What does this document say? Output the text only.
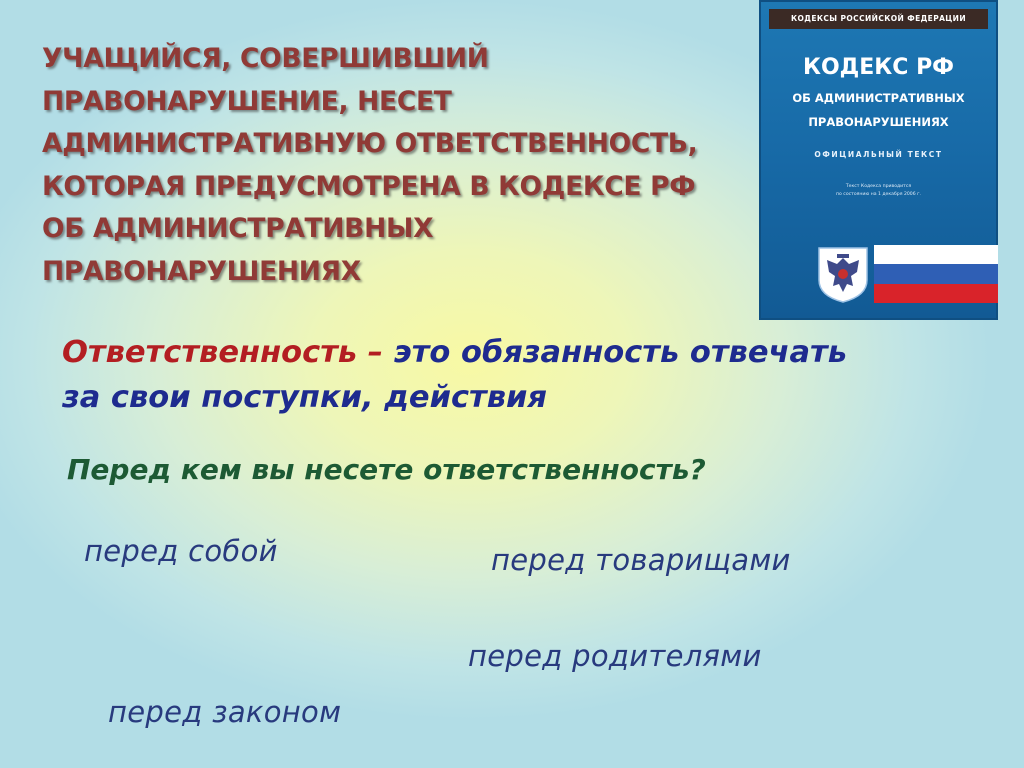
УЧАЩИЙСЯ, СОВЕРШИВШИЙ ПРАВОНАРУШЕНИЕ, НЕСЕТ АДМИНИСТРАТИВНУЮ ОТВЕТСТВЕННОСТЬ, КОТОРАЯ ПРЕДУСМОТРЕНА В КОДЕКСЕ РФ ОБ АДМИНИСТРАТИВНЫХ ПРАВОНАРУШЕНИЯХ

КОДЕКСЫ РОССИЙСКОЙ ФЕДЕРАЦИИ
КОДЕКС РФ
ОБ АДМИНИСТРАТИВНЫХ
ПРАВОНАРУШЕНИЯХ
ОФИЦИАЛЬНЫЙ ТЕКСТ
Текст Кодекса приводится
по состоянию на 1 декабря 2006 г.

Ответственность – это обязанность отвечать за свои поступки, действия

Перед кем вы несете ответственность?

перед собой	перед товарищами

перед родителями

перед законом
